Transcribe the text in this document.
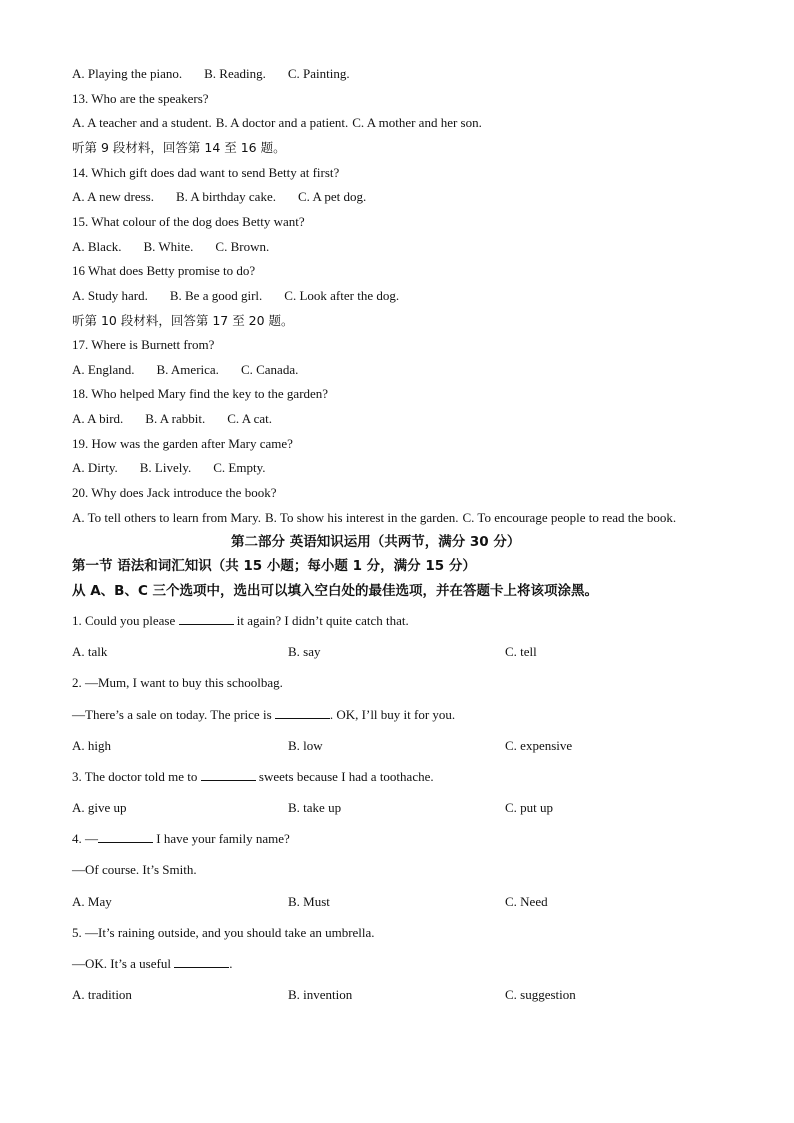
A. Playing the piano. B. Reading. C. Painting.
13. Who are the speakers?
A. A teacher and a student. B. A doctor and a patient. C. A mother and her son.
听第 9 段材料，回答第 14 至 16 题。
14. Which gift does dad want to send Betty at first?
A. A new dress. B. A birthday cake. C. A pet dog.
15. What colour of the dog does Betty want?
A. Black. B. White. C. Brown.
16 What does Betty promise to do?
A. Study hard. B. Be a good girl. C. Look after the dog.
听第 10 段材料，回答第 17 至 20 题。
17. Where is Burnett from?
A. England. B. America. C. Canada.
18. Who helped Mary find the key to the garden?
A. A bird. B. A rabbit. C. A cat.
19. How was the garden after Mary came?
A. Dirty. B. Lively. C. Empty.
20. Why does Jack introduce the book?
A. To tell others to learn from Mary. B. To show his interest in the garden. C. To encourage people to read the book.
第二部分 英语知识运用（共两节，满分 30 分）
第一节 语法和词汇知识（共 15 小题；每小题 1 分，满分 15 分）
从 A、B、C 三个选项中，选出可以填入空白处的最佳选项，并在答题卡上将该项涂黑。
1. Could you please	it again? I didn’t quite catch that.
A. talk	B. say	C. tell
2. —Mum, I want to buy this schoolbag.
—There’s a sale on today. The price is	. OK, I’ll buy it for you.
A. high	B. low	C. expensive
3. The doctor told me to	sweets because I had a toothache.
A. give up	B. take up	C. put up
4. —	I have your family name?
—Of course. It’s Smith.
A. May	B. Must	C. Need
5. —It’s raining outside, and you should take an umbrella.
—OK. It’s a useful	.
A. tradition	B. invention	C. suggestion
